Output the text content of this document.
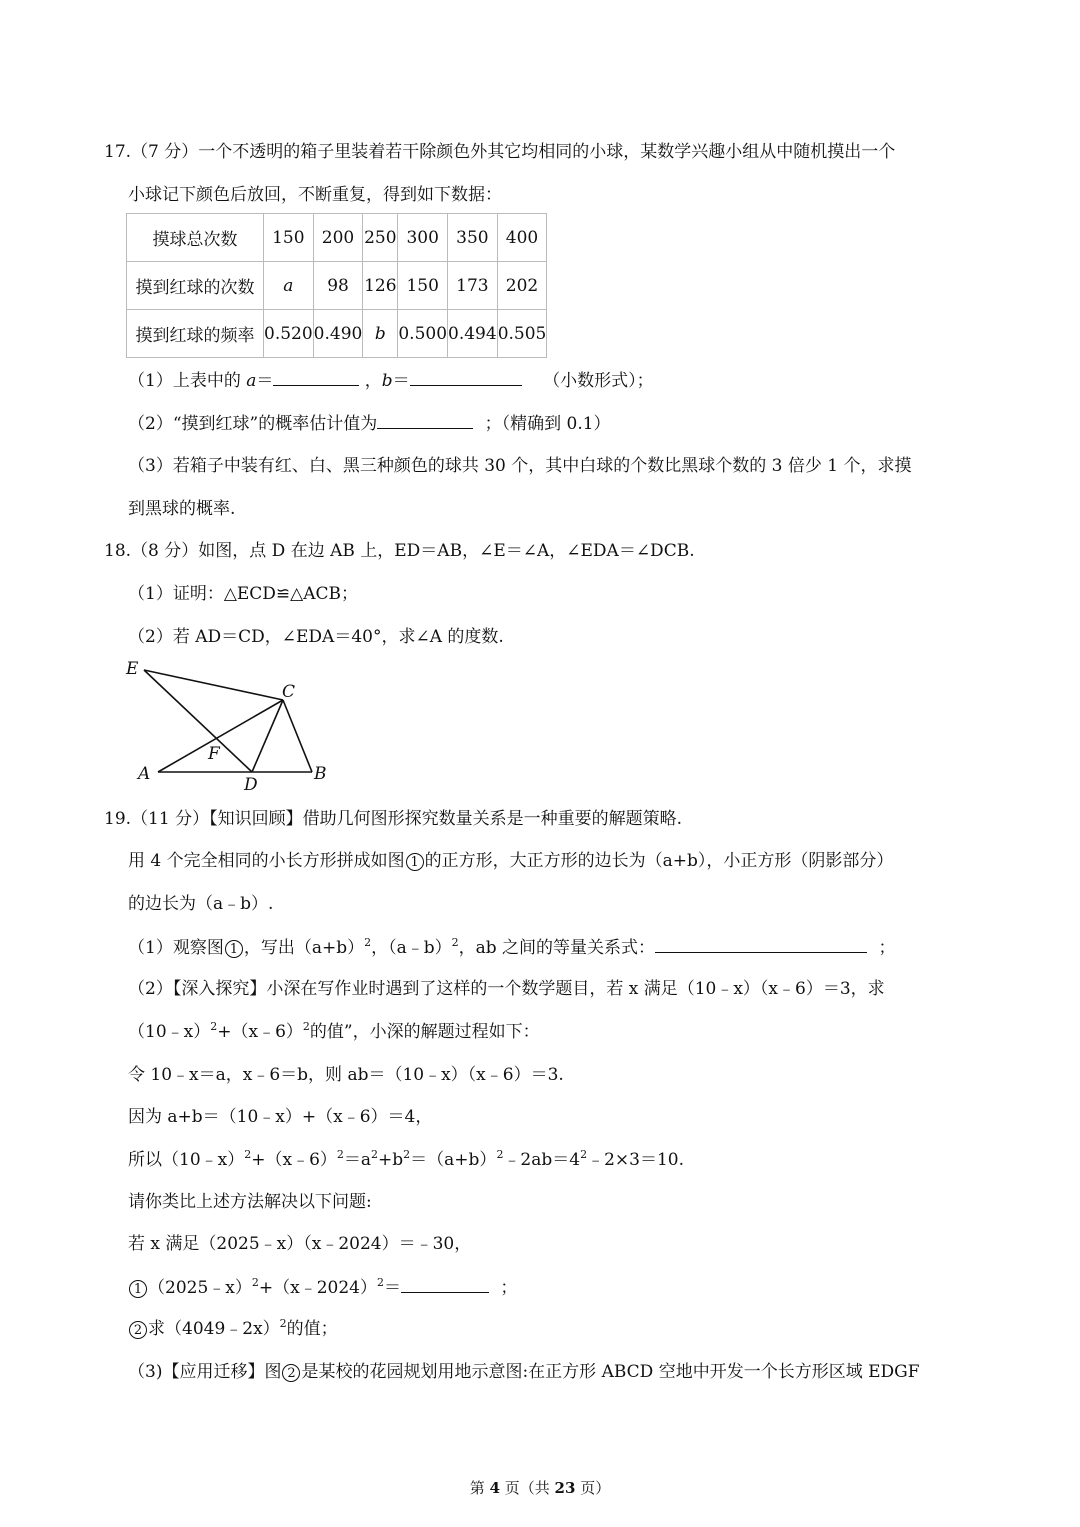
17.（7 分）一个不透明的箱子里装着若干除颜色外其它均相同的小球，某数学兴趣小组从中随机摸出一个
小球记下颜色后放回，不断重复，得到如下数据：
摸球总次数	150	200	250	300	350	400
摸到红球的次数	a	98	126	150	173	202
摸到红球的频率	0.520	0.490	b	0.500	0.494	0.505
（1）上表中的 a＝	，b＝	（小数形式）；
（2）“摸到红球”的概率估计值为	；（精确到 0.1）
（3）若箱子中装有红、白、黑三种颜色的球共 30 个，其中白球的个数比黑球个数的 3 倍少 1 个，求摸
到黑球的概率.
18.（8 分）如图，点 D 在边 AB 上，ED＝AB，∠E＝∠A，∠EDA＝∠DCB.
（1）证明：△ECD≌△ACB；
（2）若 AD＝CD，∠EDA＝40°，求∠A 的度数.
E
C
F
A
D
B
19.（11 分）【知识回顾】借助几何图形探究数量关系是一种重要的解题策略.
用 4 个完全相同的小长方形拼成如图 1 的正方形，大正方形的边长为（a+b），小正方形（阴影部分）
的边长为（a﹣b）.
（1）观察图 1 ，写出$(a+b)^2$，（a﹣b）$^2$，ab 之间的等量关系式：	；
（2）【深入探究】小深在写作业时遇到了这样的一个数学题目，若 x 满足（10﹣x）（x﹣6）＝3，求
（10﹣x）$^2$+（x﹣6）$^2$的值”，小深的解题过程如下：
令 10﹣x＝a，x﹣6＝b，则 ab＝（10﹣x）（x﹣6）＝3.
因为 a+b＝（10﹣x）+（x﹣6）＝4，
所以$(10﹣x)^2+(x﹣6)^2=a^2+b^2=(a+b)^2﹣2ab=4^2﹣2\times 3=10$.
请你类比上述方法解决以下问题:
若 x 满足（2025﹣x）（x﹣2024）＝﹣30，
1 （2025﹣x）$^2$+（x﹣2024）$^2$＝	；
2 求（4049﹣2x）$^2$的值；
（3)【应用迁移】图 2 是某校的花园规划用地示意图:在正方形 ABCD 空地中开发一个长方形区域 EDGF
第 4 页（共 23 页）
